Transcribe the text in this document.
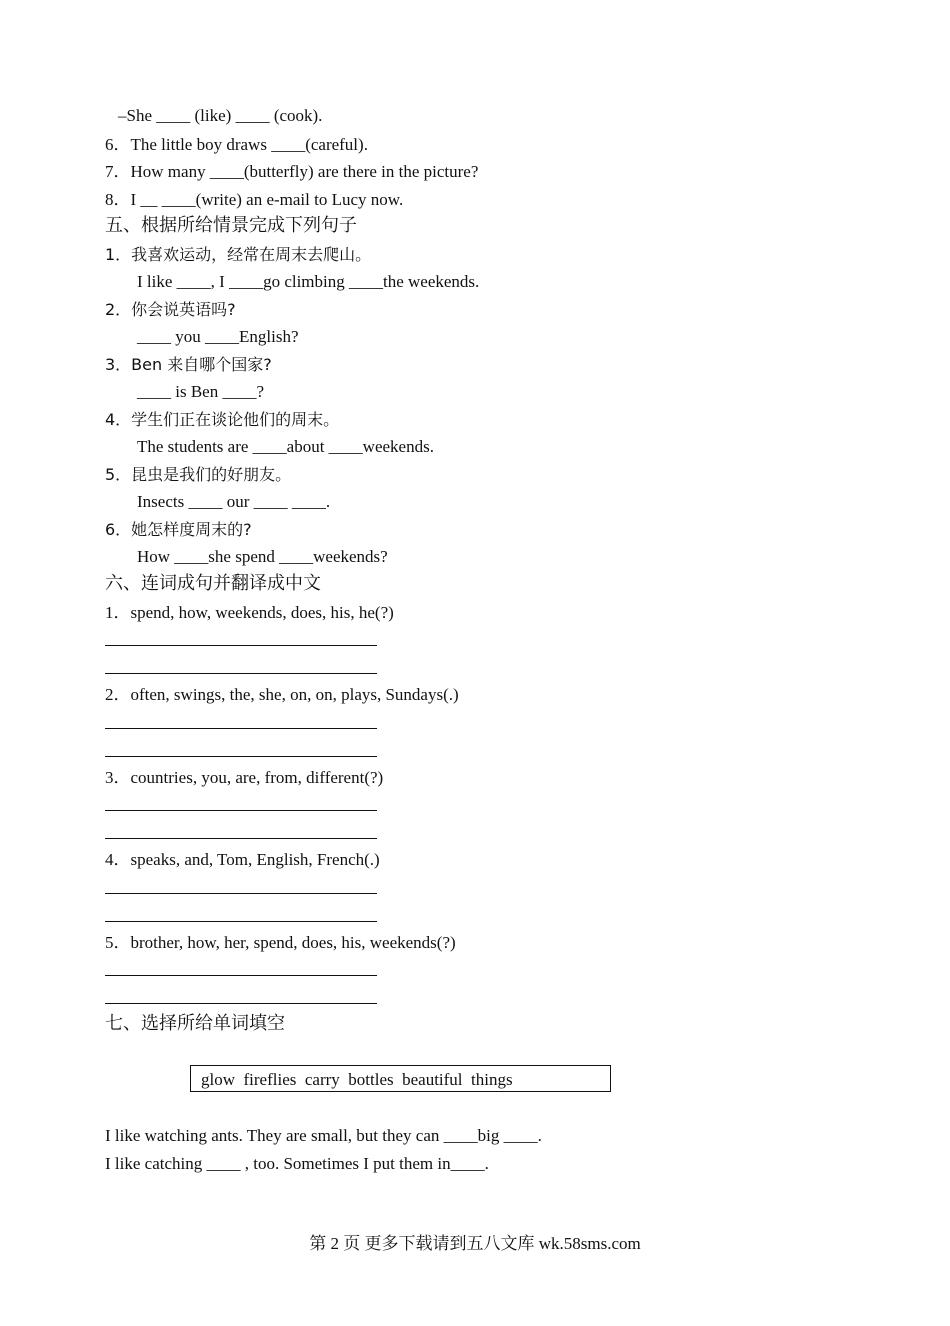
–She ____ (like) ____ (cook).
6．The little boy draws ____(careful).
7．How many ____(butterfly) are there in the picture?
8．I __ ____(write) an e-mail to Lucy now.
五、根据所给情景完成下列句子
1．我喜欢运动，经常在周末去爬山。
I like ____, I ____go climbing ____the weekends.
2．你会说英语吗?
____ you ____English?
3．Ben 来自哪个国家?
____ is Ben ____?
4．学生们正在谈论他们的周末。
The students are ____about ____weekends.
5．昆虫是我们的好朋友。
Insects ____ our ____ ____.
6．她怎样度周末的?
How ____she spend ____weekends?
六、连词成句并翻译成中文
1．spend, how, weekends, does, his, he(?)
2．often, swings, the, she, on, on, plays, Sundays(.)
3．countries, you, are, from, different(?)
4．speaks, and, Tom, English, French(.)
5．brother, how, her, spend, does, his, weekends(?)
七、选择所给单词填空
glow  fireflies  carry  bottles  beautiful  things
I like watching ants. They are small, but they can ____big ____.
I like catching ____ , too. Sometimes I put them in____.
第 2 页 更多下载请到五八文库 wk.58sms.com
